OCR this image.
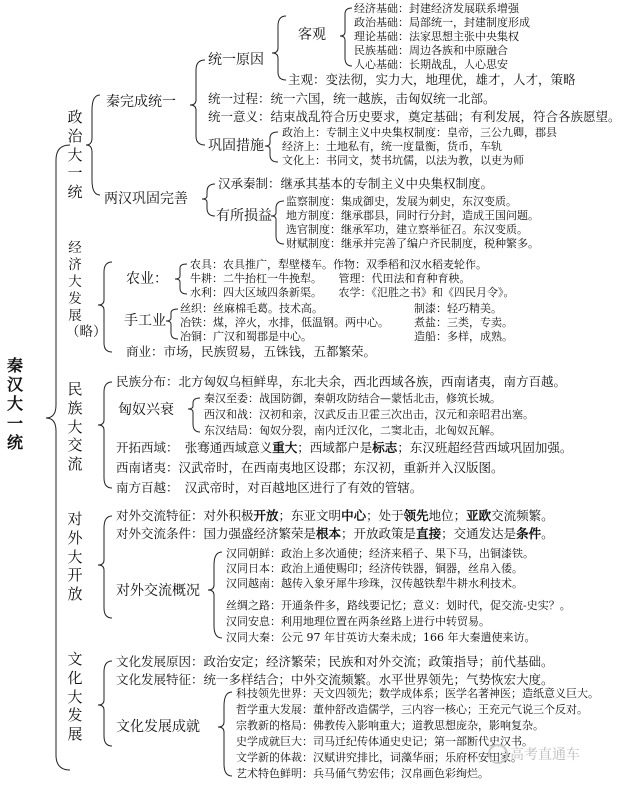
秦汉大一统
政治大一统
经济大发展（略）
民族大交流
对外大开放
文化大发展
秦完成统一
统一原因
客观
经济基础：封建经济发展联系增强
政治基础：局部统一，封建制度形成
理论基础：法家思想主张中央集权
民族基础：周边各族和中原融合
人心基础：长期战乱，人心思安
主观：变法彻，实力大，地理优，雄才，人才，策略
统一过程：统一六国，统一越族，击匈奴统一北部。
统一意义：结束战乱符合历史要求，奠定基础；有利发展，符合各族愿望。
巩固措施
政治上：专制主义中央集权制度：皇帝，三公九卿，郡县
经济上：土地私有，统一度量衡，货币，车轨
文化上：书同文，焚书坑儒，以法为教，以吏为师
两汉巩固完善
汉承秦制：继承其基本的专制主义中央集权制度。
有所损益
监察制度：集成御史，发展为刺史，东汉变质。
地方制度：继承郡县，同时行分封，造成王国问题。
选官制度：继承军功，建立察举征召。东汉变质。
财赋制度：继承并完善了编户齐民制度，税种繁多。
农业：
农具：农具推广，犁壁楼车。作物：双季稻和汉水稻麦轮作。
牛耕：二牛抬杠一牛挽犁。　　管理：代田法和育种育秧。
水利：四大区域四条新渠。　　农学：《氾胜之书》和《四民月令》。
手工业
丝织：丝麻棉毛葛。技术高。
冶铁：煤，淬火，水排，低温钢。两中心。
冶铜：广汉和蜀郡是中心。
制漆：轻巧精美。
煮盐：三类，专卖。
造船：多样，成熟。
商业：市场，民族贸易，五铢钱，五都繁荣。
民族分布：北方匈奴乌桓鲜卑，东北夫余，西北西域各族，西南诸夷，南方百越。
匈奴兴衰
秦汉至委：战国防御，秦朝攻防结合—蒙恬北击，修筑长城。
西汉和战：汉初和亲，汉武反击卫霍三次出击，汉元和亲昭君出塞。
东汉结局：匈奴分裂，南内迁汉化，二窦北击，北匈奴瓦解。
开拓西域：　张骞通西域意义重大；西域都户是标志；东汉班超经营西域巩固加强。
西南诸夷：汉武帝时，在西南夷地区设郡；东汉初，重新并入汉版图。
南方百越：　汉武帝时，对百越地区进行了有效的管辖。
对外交流特征：对外积极开放；东亚文明中心；处于领先地位；亚欧交流频繁。
对外交流条件：国力强盛经济繁荣是根本；开放政策是直接；交通发达是条件。
对外交流概况
汉同朝鲜：政治上多次通使；经济来稻子、果下马，出铜漆铁。
汉同日本：政治上通使赐印；经济传铁器，铜器，丝帛入倭。
汉同越南：越传入象牙犀牛珍珠，汉传越铁犁牛耕水利技术。
丝绸之路：开通条件多，路线要记忆；意义：划时代，促交流-史实？。
汉同安息：利用地理位置在两条丝路上进行中转贸易。
汉同大秦：公元 97 年甘英访大秦未成；166 年大秦遣使来访。
文化发展原因：政治安定；经济繁荣；民族和对外交流；政策指导；前代基础。
文化发展特征：统一多样结合；中外交流频繁。水平世界领先；气势恢宏大度。
文化发展成就
科技领先世界：天文四领先；数学成体系；医学名著神医；造纸意义巨大。
哲学重大发展：董仲舒改造儒学，三内容一核心；王充元气说三个反对。
宗教新的格局：佛教传入影响重大；道教思想庞杂，影响复杂。
史学成就巨大：司马迁纪传体通史史记；第一部断代史汉书。
文学新的体裁：汉赋讲究排比，词藻华丽；乐府杯安田家。
艺术特色鲜明：兵马俑气势宏伟；汉帛画色彩绚烂。
高考直通车
